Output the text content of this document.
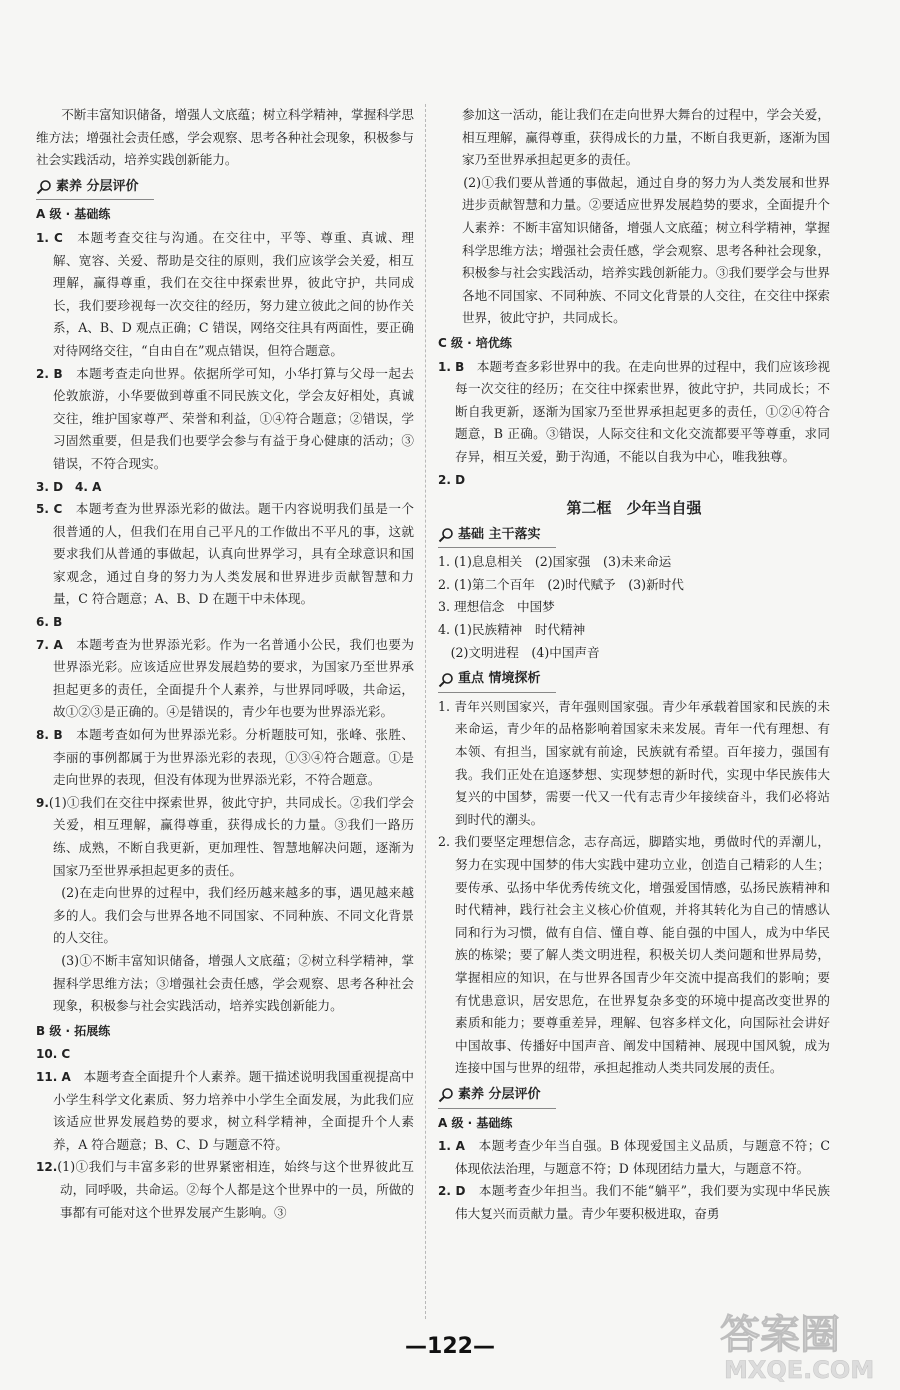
不断丰富知识储备，增强人文底蕴；树立科学精神，掌握科学思维方法；增强社会责任感，学会观察、思考各种社会现象，积极参与社会实践活动，培养实践创新能力。

素养 分层评价
A 级 · 基础练

1. C　 本题考查交往与沟通。在交往中，平等、尊重、真诚、理解、宽容、关爱、帮助是交往的原则，我们应该学会关爱，相互理解，赢得尊重，我们在交往中探索世界，彼此守护，共同成长，我们要珍视每一次交往的经历，努力建立彼此之间的协作关系，A、B、D 观点正确；C 错误，网络交往具有两面性，要正确对待网络交往，“自由自在”观点错误，但符合题意。

2. B　 本题考查走向世界。依据所学可知，小华打算与父母一起去伦敦旅游，小华要做到尊重不同民族文化，学会友好相处，真诚交往，维护国家尊严、荣誉和利益，①④符合题意；②错误，学习固然重要，但是我们也要学会参与有益于身心健康的活动；③错误，不符合现实。

3. D　4. A

5. C　 本题考查为世界添光彩的做法。题干内容说明我们虽是一个很普通的人，但我们在用自己平凡的工作做出不平凡的事，这就要求我们从普通的事做起，认真向世界学习，具有全球意识和国家观念，通过自身的努力为人类发展和世界进步贡献智慧和力量，C 符合题意；A、B、D 在题干中未体现。

6. B

7. A　 本题考查为世界添光彩。作为一名普通小公民，我们也要为世界添光彩。应该适应世界发展趋势的要求，为国家乃至世界承担起更多的责任，全面提升个人素养，与世界同呼吸，共命运，故①②③是正确的。④是错误的，青少年也要为世界添光彩。

8. B　 本题考查如何为世界添光彩。分析题肢可知，张峰、张胜、李丽的事例都属于为世界添光彩的表现，①③④符合题意。①是走向世界的表现，但没有体现为世界添光彩，不符合题意。

9.(1)①我们在交往中探索世界，彼此守护，共同成长。②我们学会关爱，相互理解，赢得尊重，获得成长的力量。③我们一路历练、成熟，不断自我更新，更加理性、智慧地解决问题，逐渐为国家乃至世界承担起更多的责任。

(2)在走向世界的过程中，我们经历越来越多的事，遇见越来越多的人。我们会与世界各地不同国家、不同种族、不同文化背景的人交往。

(3)①不断丰富知识储备，增强人文底蕴；②树立科学精神，掌握科学思维方法；③增强社会责任感，学会观察、思考各种社会现象，积极参与社会实践活动，培养实践创新能力。

B 级 · 拓展练

10. C

11. A　 本题考查全面提升个人素养。题干描述说明我国重视提高中小学生科学文化素质、努力培养中小学生全面发展，为此我们应该适应世界发展趋势的要求，树立科学精神，全面提升个人素养，A 符合题意；B、C、D 与题意不符。

12.(1)①我们与丰富多彩的世界紧密相连，始终与这个世界彼此互动，同呼吸，共命运。②每个人都是这个世界中的一员，所做的事都有可能对这个世界发展产生影响。③

参加这一活动，能让我们在走向世界大舞台的过程中，学会关爱，相互理解，赢得尊重，获得成长的力量，不断自我更新，逐渐为国家乃至世界承担起更多的责任。

(2)①我们要从普通的事做起，通过自身的努力为人类发展和世界进步贡献智慧和力量。②要适应世界发展趋势的要求，全面提升个人素养：不断丰富知识储备，增强人文底蕴；树立科学精神，掌握科学思维方法；增强社会责任感，学会观察、思考各种社会现象，积极参与社会实践活动，培养实践创新能力。③我们要学会与世界各地不同国家、不同种族、不同文化背景的人交往，在交往中探索世界，彼此守护，共同成长。

C 级 · 培优练

1. B　 本题考查多彩世界中的我。在走向世界的过程中，我们应该珍视每一次交往的经历；在交往中探索世界，彼此守护，共同成长；不断自我更新，逐渐为国家乃至世界承担起更多的责任，①②④符合题意，B 正确。③错误，人际交往和文化交流都要平等尊重，求同存异，相互关爱，勤于沟通，不能以自我为中心，唯我独尊。

2. D

第二框　少年当自强
基础 主干落实

1. (1)息息相关　(2)国家强　(3)未来命运

2. (1)第二个百年　(2)时代赋予　(3)新时代

3. 理想信念　中国梦

4. (1)民族精神　时代精神

(2)文明进程　(4)中国声音

重点 情境探析

1. 青年兴则国家兴，青年强则国家强。青少年承载着国家和民族的未来命运，青少年的品格影响着国家未来发展。青年一代有理想、有本领、有担当，国家就有前途，民族就有希望。百年接力，强国有我。我们正处在追逐梦想、实现梦想的新时代，实现中华民族伟大复兴的中国梦，需要一代又一代有志青少年接续奋斗，我们必将站到时代的潮头。

2. 我们要坚定理想信念，志存高远，脚踏实地，勇做时代的弄潮儿，努力在实现中国梦的伟大实践中建功立业，创造自己精彩的人生；要传承、弘扬中华优秀传统文化，增强爱国情感，弘扬民族精神和时代精神，践行社会主义核心价值观，并将其转化为自己的情感认同和行为习惯，做有自信、懂自尊、能自强的中国人，成为中华民族的栋梁；要了解人类文明进程，积极关切人类问题和世界局势，掌握相应的知识，在与世界各国青少年交流中提高我们的影响；要有忧患意识，居安思危，在世界复杂多变的环境中提高改变世界的素质和能力；要尊重差异，理解、包容多样文化，向国际社会讲好中国故事、传播好中国声音、阐发中国精神、展现中国风貌，成为连接中国与世界的纽带，承担起推动人类共同发展的责任。

素养 分层评价
A 级 · 基础练

1. A　 本题考查少年当自强。B 体现爱国主义品质，与题意不符；C 体现依法治理，与题意不符；D 体现团结力量大，与题意不符。

2. D　 本题考查少年担当。我们不能“躺平”，我们要为实现中华民族伟大复兴而贡献力量。青少年要积极进取，奋勇

—122—	答案圈
MXQE.COM
